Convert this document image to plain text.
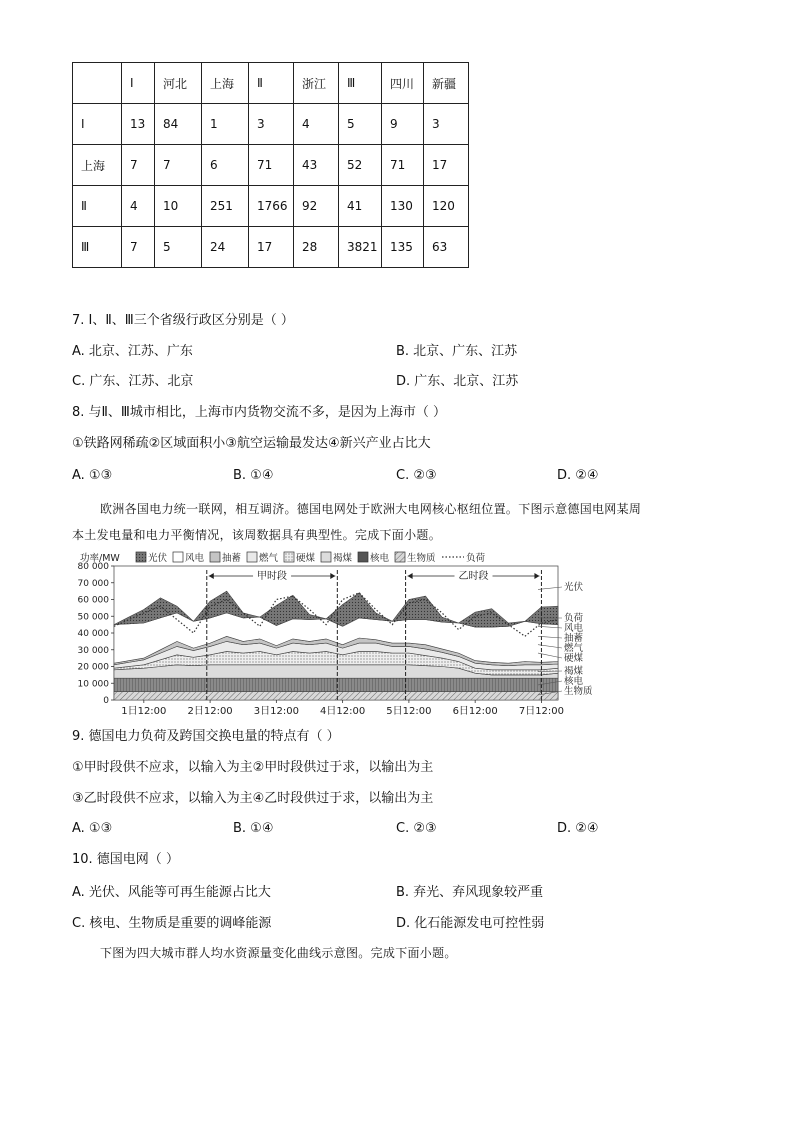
	Ⅰ	河北	上海	Ⅱ	浙江	Ⅲ	四川	新疆
Ⅰ	13	84	1	3	4	5	9	3
上海	7	7	6	71	43	52	71	17
Ⅱ	4	10	251	1766	92	41	130	120
Ⅲ	7	5	24	17	28	3821	135	63
7. Ⅰ、Ⅱ、Ⅲ三个省级行政区分别是（ ）
A. 北京、江苏、广东	B. 北京、广东、江苏
C. 广东、江苏、北京	D. 广东、北京、江苏
8. 与Ⅱ、Ⅲ城市相比，上海市内货物交流不多，是因为上海市（ ）
①铁路网稀疏②区域面积小③航空运输最发达④新兴产业占比大
A. ①③	B. ①④	C. ②③	D. ②④
欧洲各国电力统一联网，相互调济。德国电网处于欧洲大电网核心枢纽位置。下图示意德国电网某周
本土发电量和电力平衡情况，该周数据具有典型性。完成下面小题。
80 000
70 000
60 000
50 000
40 000
30 000
20 000
10 000
0
1日12:00 2日12:00 3日12:00 4日12:00 5日12:00 6日12:00 7日12:00
甲时段	乙时段
功率/MW	光伏 风电 抽蓄 燃气 硬煤 褐煤 核电 生物质	负荷
光伏
负荷
风电
抽蓄
燃气
硬煤
褐煤
核电
生物质
9. 德国电力负荷及跨国交换电量的特点有（ ）
①甲时段供不应求，以输入为主②甲时段供过于求，以输出为主
③乙时段供不应求，以输入为主④乙时段供过于求，以输出为主
A. ①③	B. ①④	C. ②③	D. ②④
10. 德国电网（ ）
A. 光伏、风能等可再生能源占比大	B. 弃光、弃风现象较严重
C. 核电、生物质是重要的调峰能源	D. 化石能源发电可控性弱
下图为四大城市群人均水资源量变化曲线示意图。完成下面小题。
